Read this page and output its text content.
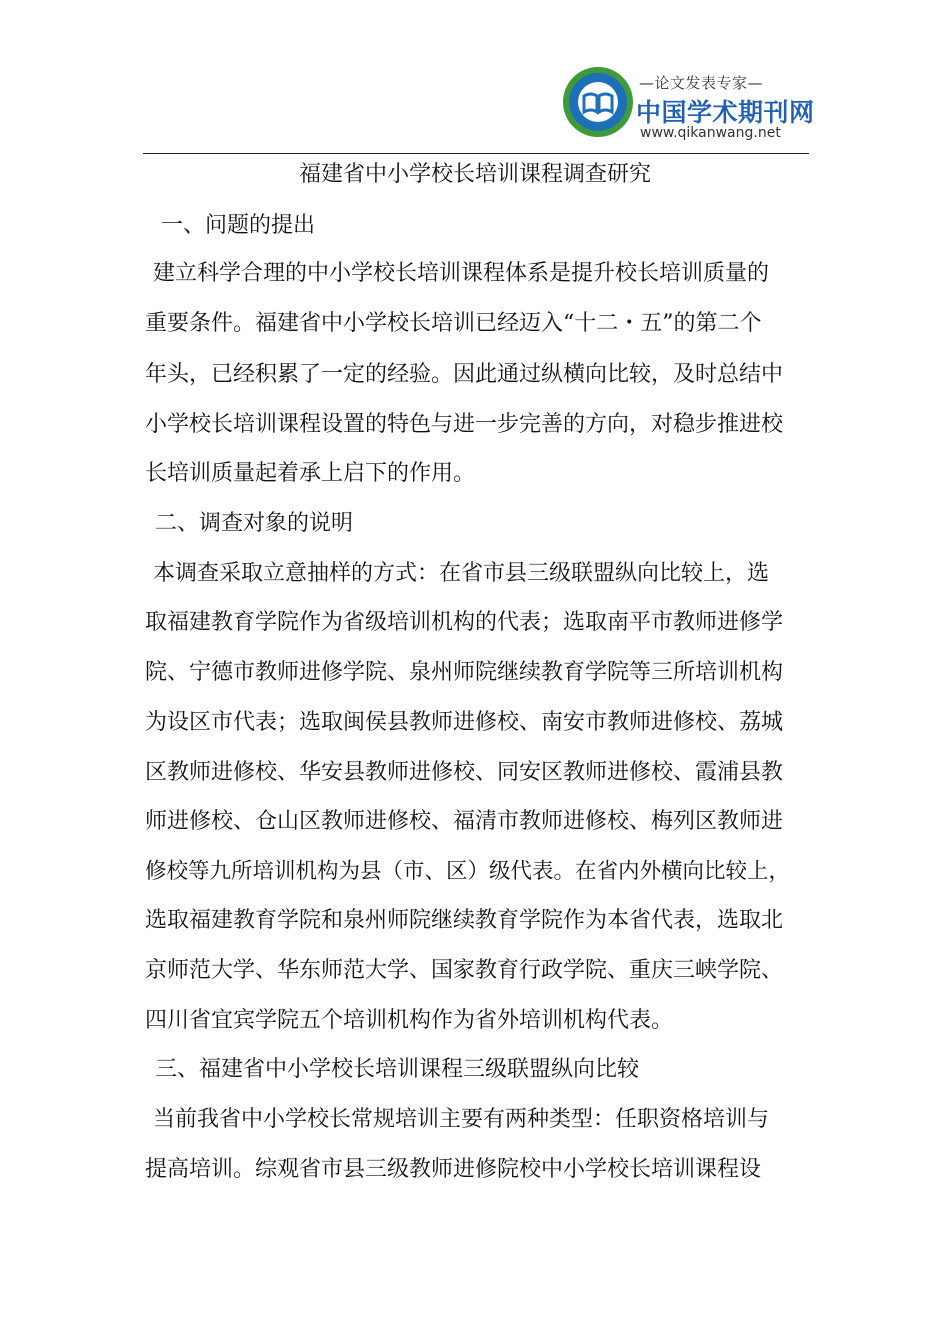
—论文发表专家—
中国学术期刊网
www.qikanwang.net
福建省中小学校长培训课程调查研究
一、问题的提出
建立科学合理的中小学校长培训课程体系是提升校长培训质量的
重要条件。福建省中小学校长培训已经迈入“十二・五”的第二个
年头，已经积累了一定的经验。因此通过纵横向比较，及时总结中
小学校长培训课程设置的特色与进一步完善的方向，对稳步推进校
长培训质量起着承上启下的作用。
二、调查对象的说明
本调查采取立意抽样的方式：在省市县三级联盟纵向比较上，选
取福建教育学院作为省级培训机构的代表；选取南平市教师进修学
院、宁德市教师进修学院、泉州师院继续教育学院等三所培训机构
为设区市代表；选取闽侯县教师进修校、南安市教师进修校、荔城
区教师进修校、华安县教师进修校、同安区教师进修校、霞浦县教
师进修校、仓山区教师进修校、福清市教师进修校、梅列区教师进
修校等九所培训机构为县（市、区）级代表。在省内外横向比较上，
选取福建教育学院和泉州师院继续教育学院作为本省代表，选取北
京师范大学、华东师范大学、国家教育行政学院、重庆三峡学院、
四川省宜宾学院五个培训机构作为省外培训机构代表。
三、福建省中小学校长培训课程三级联盟纵向比较
当前我省中小学校长常规培训主要有两种类型：任职资格培训与
提高培训。综观省市县三级教师进修院校中小学校长培训课程设
